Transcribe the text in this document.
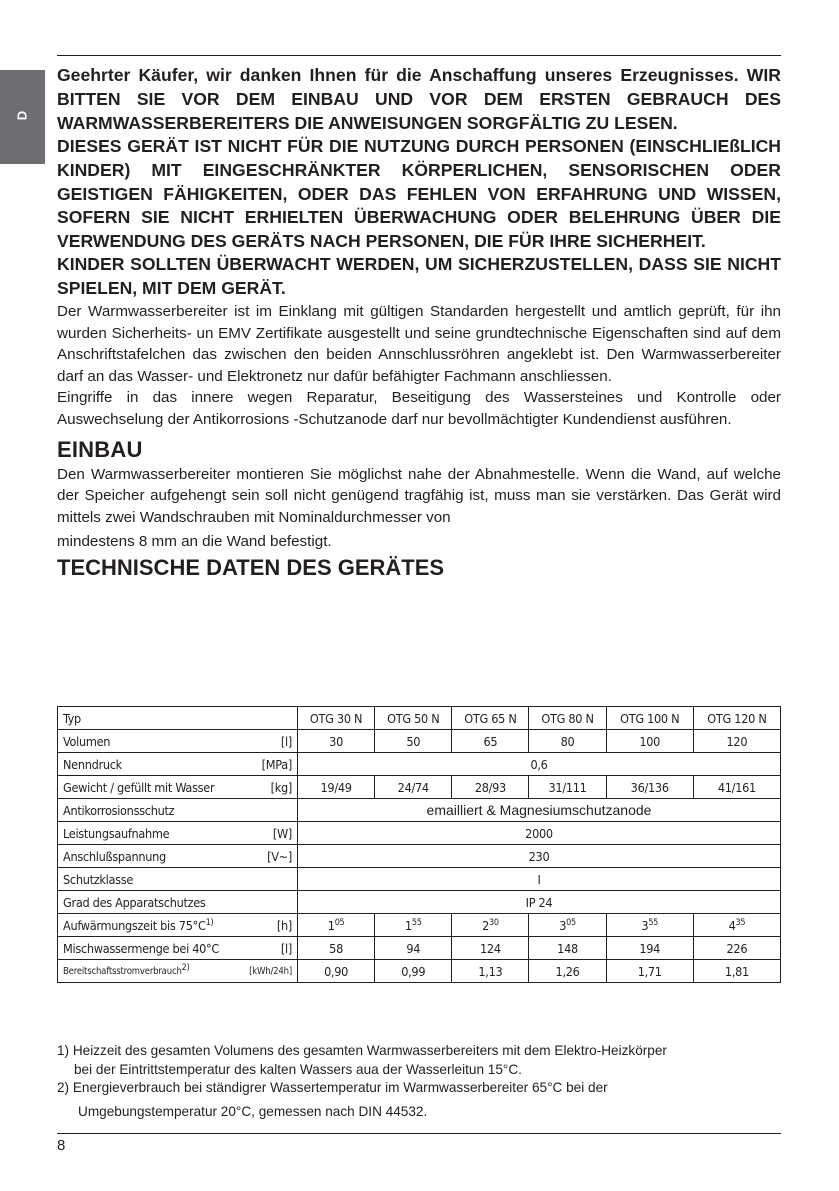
D

Geehrter Käufer, wir danken Ihnen für die Anschaffung unseres Erzeugnisses. WIR BITTEN SIE VOR DEM EINBAU UND VOR DEM ERSTEN GEBRAUCH DES WARMWASSERBEREITERS DIE ANWEISUNGEN SORGFÄLTIG ZU LESEN.

DIESES GERÄT IST NICHT FÜR DIE NUTZUNG DURCH PERSONEN (EINSCHLIEßLICH KINDER) MIT EINGESCHRÄNKTER KÖRPERLICHEN, SENSORISCHEN ODER GEISTIGEN FÄHIGKEITEN, ODER DAS FEHLEN VON ERFAHRUNG UND WISSEN, SOFERN SIE NICHT ERHIELTEN ÜBERWACHUNG ODER BELEHRUNG ÜBER DIE VERWENDUNG DES GERÄTS NACH PERSONEN, DIE FÜR IHRE SICHERHEIT.

KINDER SOLLTEN ÜBERWACHT WERDEN, UM SICHERZUSTELLEN, DASS SIE NICHT SPIELEN, MIT DEM GERÄT.

Der Warmwasserbereiter ist im Einklang mit gültigen Standarden hergestellt und amtlich geprüft, für ihn wurden Sicherheits- un EMV Zertifikate ausgestellt und seine grundtechnische Eigenschaften sind auf dem Anschriftstafelchen das zwischen den beiden Annschlussröhren angeklebt ist. Den Warmwasserbereiter darf an das Wasser- und Elektronetz nur dafür befähigter Fachmann anschliessen.

Eingriffe in das innere wegen Reparatur, Beseitigung des Wassersteines und Kontrolle oder Auswechselung der Antikorrosions -Schutzanode darf nur bevollmächtigter Kundendienst ausführen.

EINBAU

Den Warmwasserbereiter montieren Sie möglichst nahe der Abnahmestelle. Wenn die Wand, auf welche der Speicher aufgehengt sein soll nicht genügend tragfähig ist, muss man sie verstärken. Das Gerät wird mittels zwei Wandschrauben mit Nominaldurchmesser von

mindestens 8 mm an die Wand befestigt.

TECHNISCHE DATEN DES GERÄTES
Typ	OTG 30 N	OTG 50 N	OTG 65 N	OTG 80 N	OTG 100 N	OTG 120 N

Volumen [l]	30	50	65	80	100	120

Nenndruck [MPa]	0,6					

Gewicht / gefüllt mit Wasser [kg]	19/49	24/74	28/93	31/111	36/136	41/161
Antikorrosionsschutz	emailliert & Magnesiumschutzanode					

Leistungsaufnahme [W]	2000					

Anschlußspannung [V~]	230					
Schutzklasse	I					
Grad des Apparatschutzes	IP 24					

Aufwärmungszeit bis $75^\circ C^{1)}$ [h]	$1^{05}$	$1^{55}$	$2^{30}$	$3^{05}$	$3^{55}$	$4^{35}$

Mischwassermenge bei 40°C [l]	58	94	124	148	194	226

Bereitschaftsstromverbrauch$^{2)}$ [kWh/24h]	0,90	0,99	1,13	1,26	1,71	1,81

1) Heizzeit des gesamten Volumens des gesamten Warmwasserbereiters mit dem Elektro-Heizkörper

bei der Eintrittstemperatur des kalten Wassers aua der Wasserleitun 15°C.

2) Energieverbrauch bei ständigrer Wassertemperatur im Warmwasserbereiter 65°C bei der

Umgebungstemperatur 20°C, gemessen nach DIN 44532.

8
